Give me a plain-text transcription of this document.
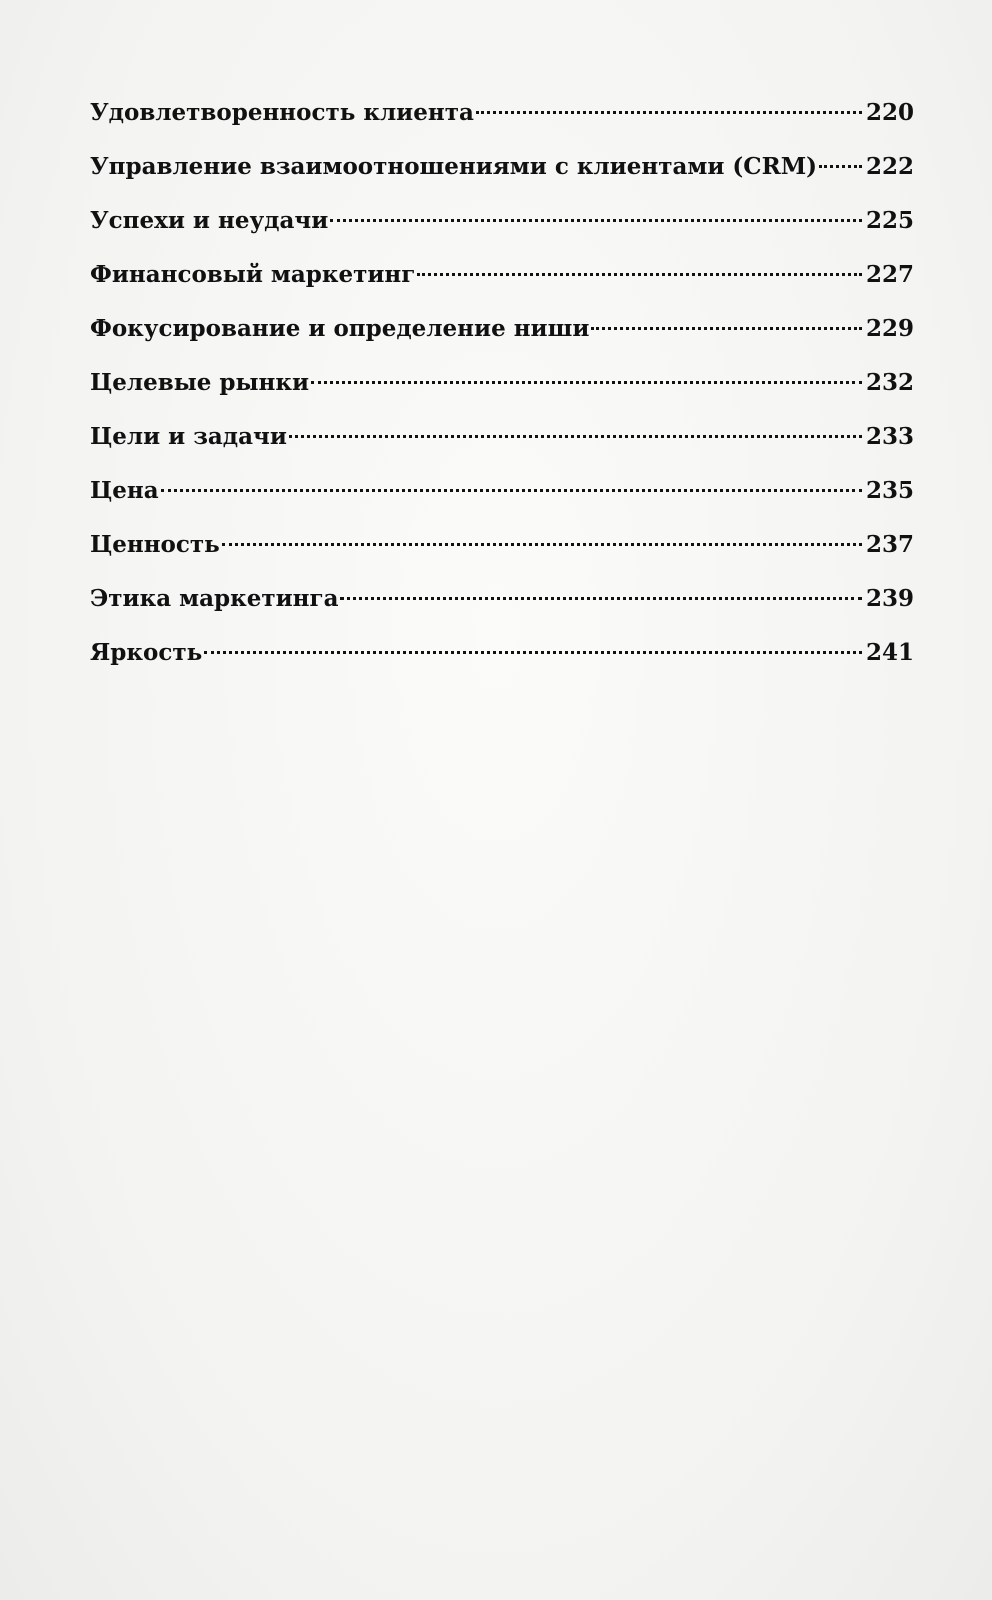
Удовлетворенность клиента	220
Управление взаимоотношениями с клиентами (CRM) 222
Успехи и неудачи	225
Финансовый маркетинг	227
Фокусирование и определение ниши	229
Целевые рынки	232
Цели и задачи	233
Цена	235
Ценность	237
Этика маркетинга	239
Яркость	241
